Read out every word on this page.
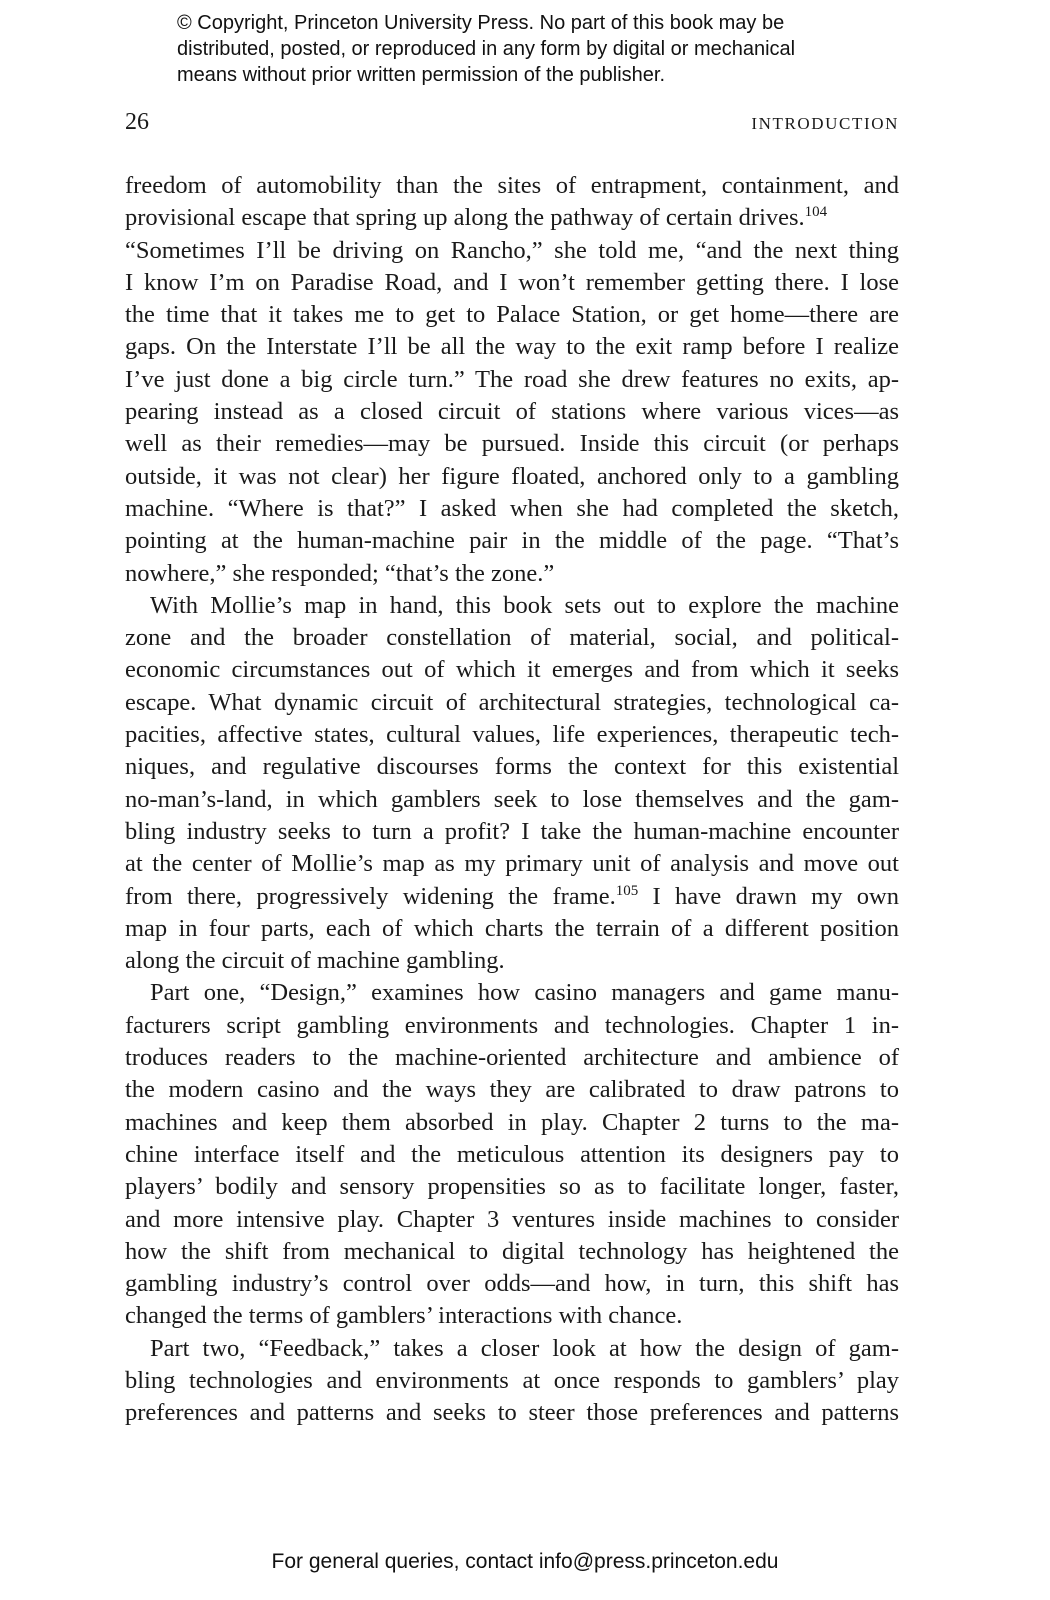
© Copyright, Princeton University Press. No part of this book may be
distributed, posted, or reproduced in any form by digital or mechanical
means without prior written permission of the publisher.
26	INTRODUCTION
freedom of automobility than the sites of entrapment, containment, and
provisional escape that spring up along the pathway of certain drives.$^{104}$
“Sometimes I’ll be driving on Rancho,” she told me, “and the next thing
I know I’m on Paradise Road, and I won’t remember getting there. I lose
the time that it takes me to get to Palace Station, or get home—there are
gaps. On the Interstate I’ll be all the way to the exit ramp before I realize
I’ve just done a big circle turn.” The road she drew features no exits, ap-
pearing instead as a closed circuit of stations where various vices—as
well as their remedies—may be pursued. Inside this circuit (or perhaps
outside, it was not clear) her figure floated, anchored only to a gambling
machine. “Where is that?” I asked when she had completed the sketch,
pointing at the human-machine pair in the middle of the page. “That’s
nowhere,” she responded; “that’s the zone.”
With Mollie’s map in hand, this book sets out to explore the machine
zone and the broader constellation of material, social, and political-
economic circumstances out of which it emerges and from which it seeks
escape. What dynamic circuit of architectural strategies, technological ca-
pacities, affective states, cultural values, life experiences, therapeutic tech-
niques, and regulative discourses forms the context for this existential
no-man’s-land, in which gamblers seek to lose themselves and the gam-
bling industry seeks to turn a profit? I take the human-machine encounter
at the center of Mollie’s map as my primary unit of analysis and move out
from there, progressively widening the frame.$^{105}$ I have drawn my own
map in four parts, each of which charts the terrain of a different position
along the circuit of machine gambling.
Part one, “Design,” examines how casino managers and game manu-
facturers script gambling environments and technologies. Chapter 1 in-
troduces readers to the machine-oriented architecture and ambience of
the modern casino and the ways they are calibrated to draw patrons to
machines and keep them absorbed in play. Chapter 2 turns to the ma-
chine interface itself and the meticulous attention its designers pay to
players’ bodily and sensory propensities so as to facilitate longer, faster,
and more intensive play. Chapter 3 ventures inside machines to consider
how the shift from mechanical to digital technology has heightened the
gambling industry’s control over odds—and how, in turn, this shift has
changed the terms of gamblers’ interactions with chance.
Part two, “Feedback,” takes a closer look at how the design of gam-
bling technologies and environments at once responds to gamblers’ play
preferences and patterns and seeks to steer those preferences and patterns
For general queries, contact info@press.princeton.edu
